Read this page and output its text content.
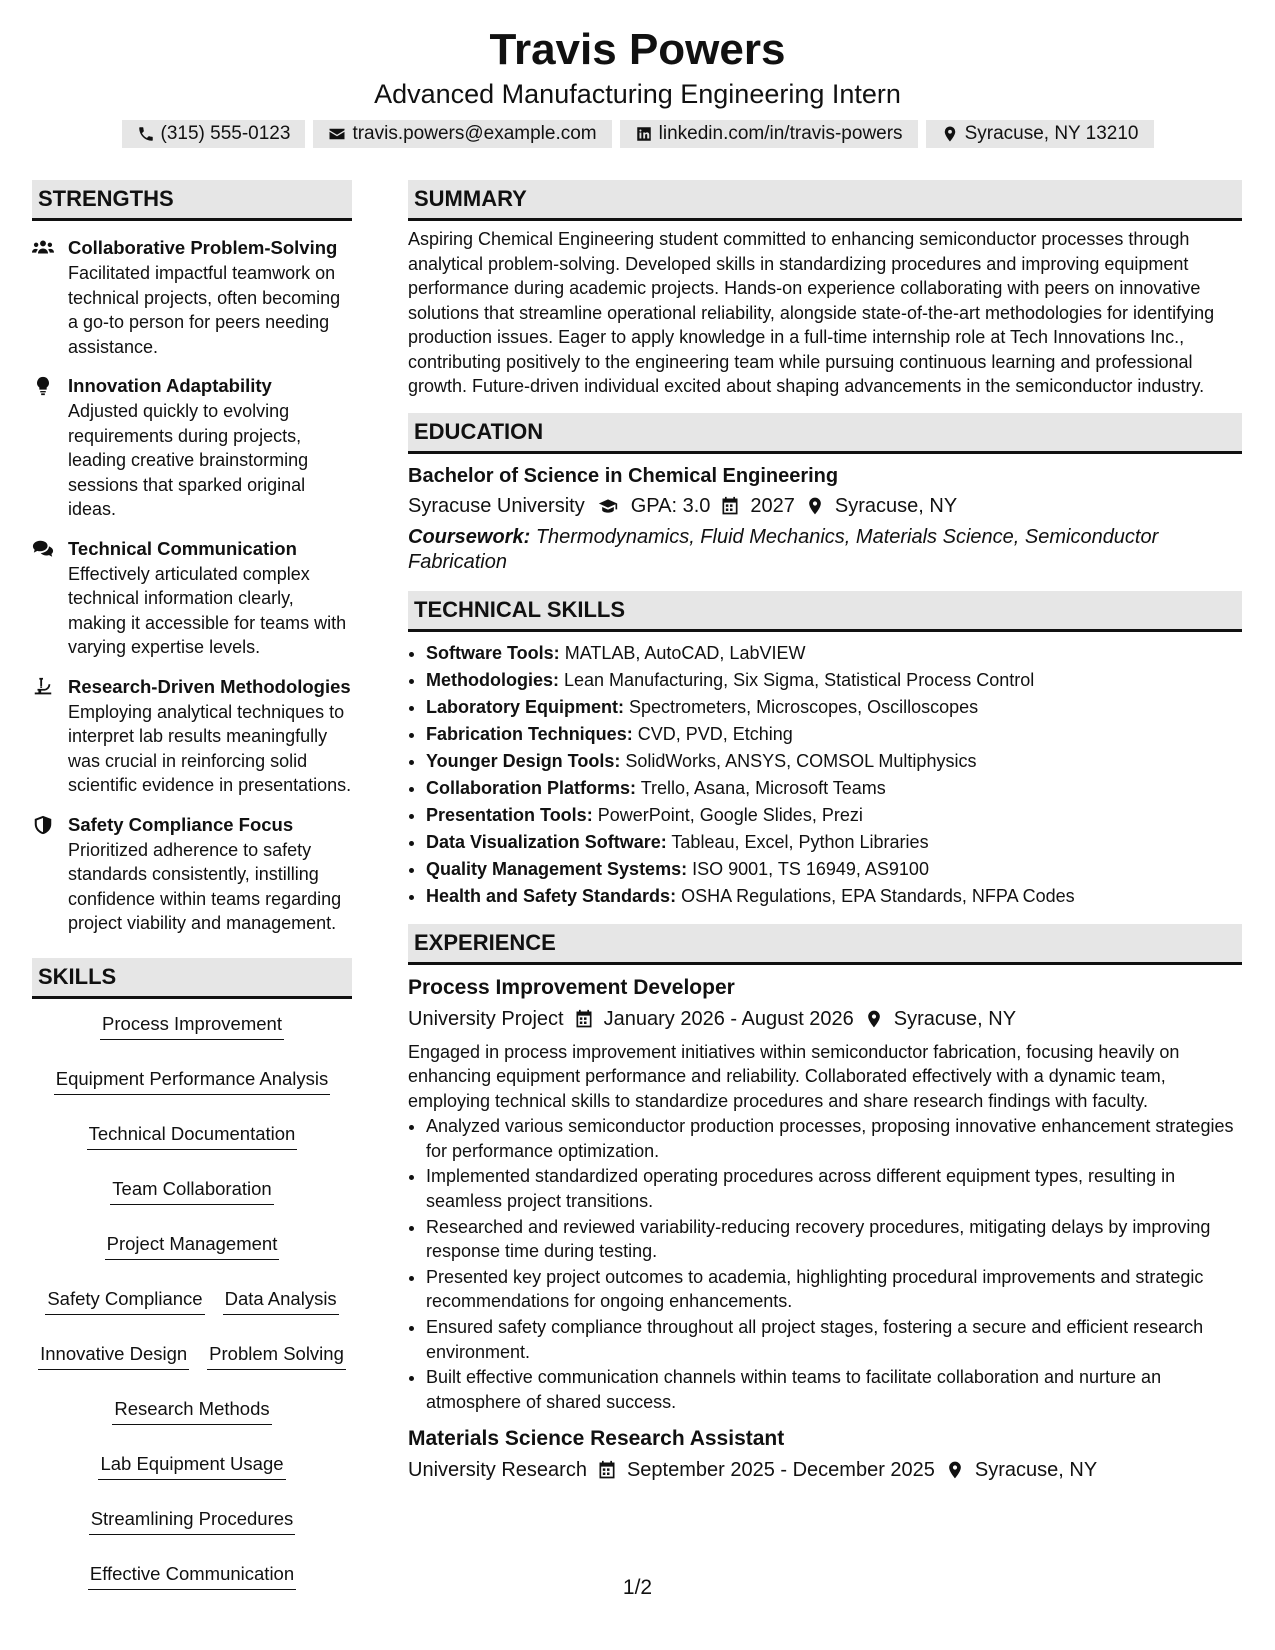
Travis Powers
Advanced Manufacturing Engineering Intern
(315) 555-0123	travis.powers@example.com	linkedin.com/in/travis-powers	Syracuse, NY 13210
STRENGTHS
Collaborative Problem-Solving
Facilitated impactful teamwork on technical projects, often becoming a go-to person for peers needing assistance.
Innovation Adaptability
Adjusted quickly to evolving requirements during projects, leading creative brainstorming sessions that sparked original ideas.
Technical Communication
Effectively articulated complex technical information clearly, making it accessible for teams with varying expertise levels.
Research-Driven Methodologies
Employing analytical techniques to interpret lab results meaningfully was crucial in reinforcing solid scientific evidence in presentations.
Safety Compliance Focus
Prioritized adherence to safety standards consistently, instilling confidence within teams regarding project viability and management.
SKILLS
Process Improvement
Equipment Performance Analysis
Technical Documentation
Team Collaboration
Project Management
Safety Compliance Data Analysis
Innovative Design Problem Solving
Research Methods
Lab Equipment Usage
Streamlining Procedures
Effective Communication
SUMMARY
Aspiring Chemical Engineering student committed to enhancing semiconductor processes through analytical problem-solving. Developed skills in standardizing procedures and improving equipment performance during academic projects. Hands-on experience collaborating with peers on innovative solutions that streamline operational reliability, alongside state-of-the-art methodologies for identifying production issues. Eager to apply knowledge in a full-time internship role at Tech Innovations Inc., contributing positively to the engineering team while pursuing continuous learning and professional growth. Future-driven individual excited about shaping advancements in the semiconductor industry.
EDUCATION
Bachelor of Science in Chemical Engineering
Syracuse University GPA: 3.0 2027 Syracuse, NY
Coursework: Thermodynamics, Fluid Mechanics, Materials Science, Semiconductor Fabrication
TECHNICAL SKILLS
• Software Tools: MATLAB, AutoCAD, LabVIEW
• Methodologies: Lean Manufacturing, Six Sigma, Statistical Process Control
• Laboratory Equipment: Spectrometers, Microscopes, Oscilloscopes
• Fabrication Techniques: CVD, PVD, Etching
• Younger Design Tools: SolidWorks, ANSYS, COMSOL Multiphysics
• Collaboration Platforms: Trello, Asana, Microsoft Teams
• Presentation Tools: PowerPoint, Google Slides, Prezi
• Data Visualization Software: Tableau, Excel, Python Libraries
• Quality Management Systems: ISO 9001, TS 16949, AS9100
• Health and Safety Standards: OSHA Regulations, EPA Standards, NFPA Codes
EXPERIENCE
Process Improvement Developer
University Project January 2026 - August 2026 Syracuse, NY
Engaged in process improvement initiatives within semiconductor fabrication, focusing heavily on enhancing equipment performance and reliability. Collaborated effectively with a dynamic team, employing technical skills to standardize procedures and share research findings with faculty.
• Analyzed various semiconductor production processes, proposing innovative enhancement strategies for performance optimization.
• Implemented standardized operating procedures across different equipment types, resulting in seamless project transitions.
• Researched and reviewed variability-reducing recovery procedures, mitigating delays by improving response time during testing.
• Presented key project outcomes to academia, highlighting procedural improvements and strategic recommendations for ongoing enhancements.
• Ensured safety compliance throughout all project stages, fostering a secure and efficient research environment.
• Built effective communication channels within teams to facilitate collaboration and nurture an atmosphere of shared success.
Materials Science Research Assistant
University Research September 2025 - December 2025 Syracuse, NY
1/2
